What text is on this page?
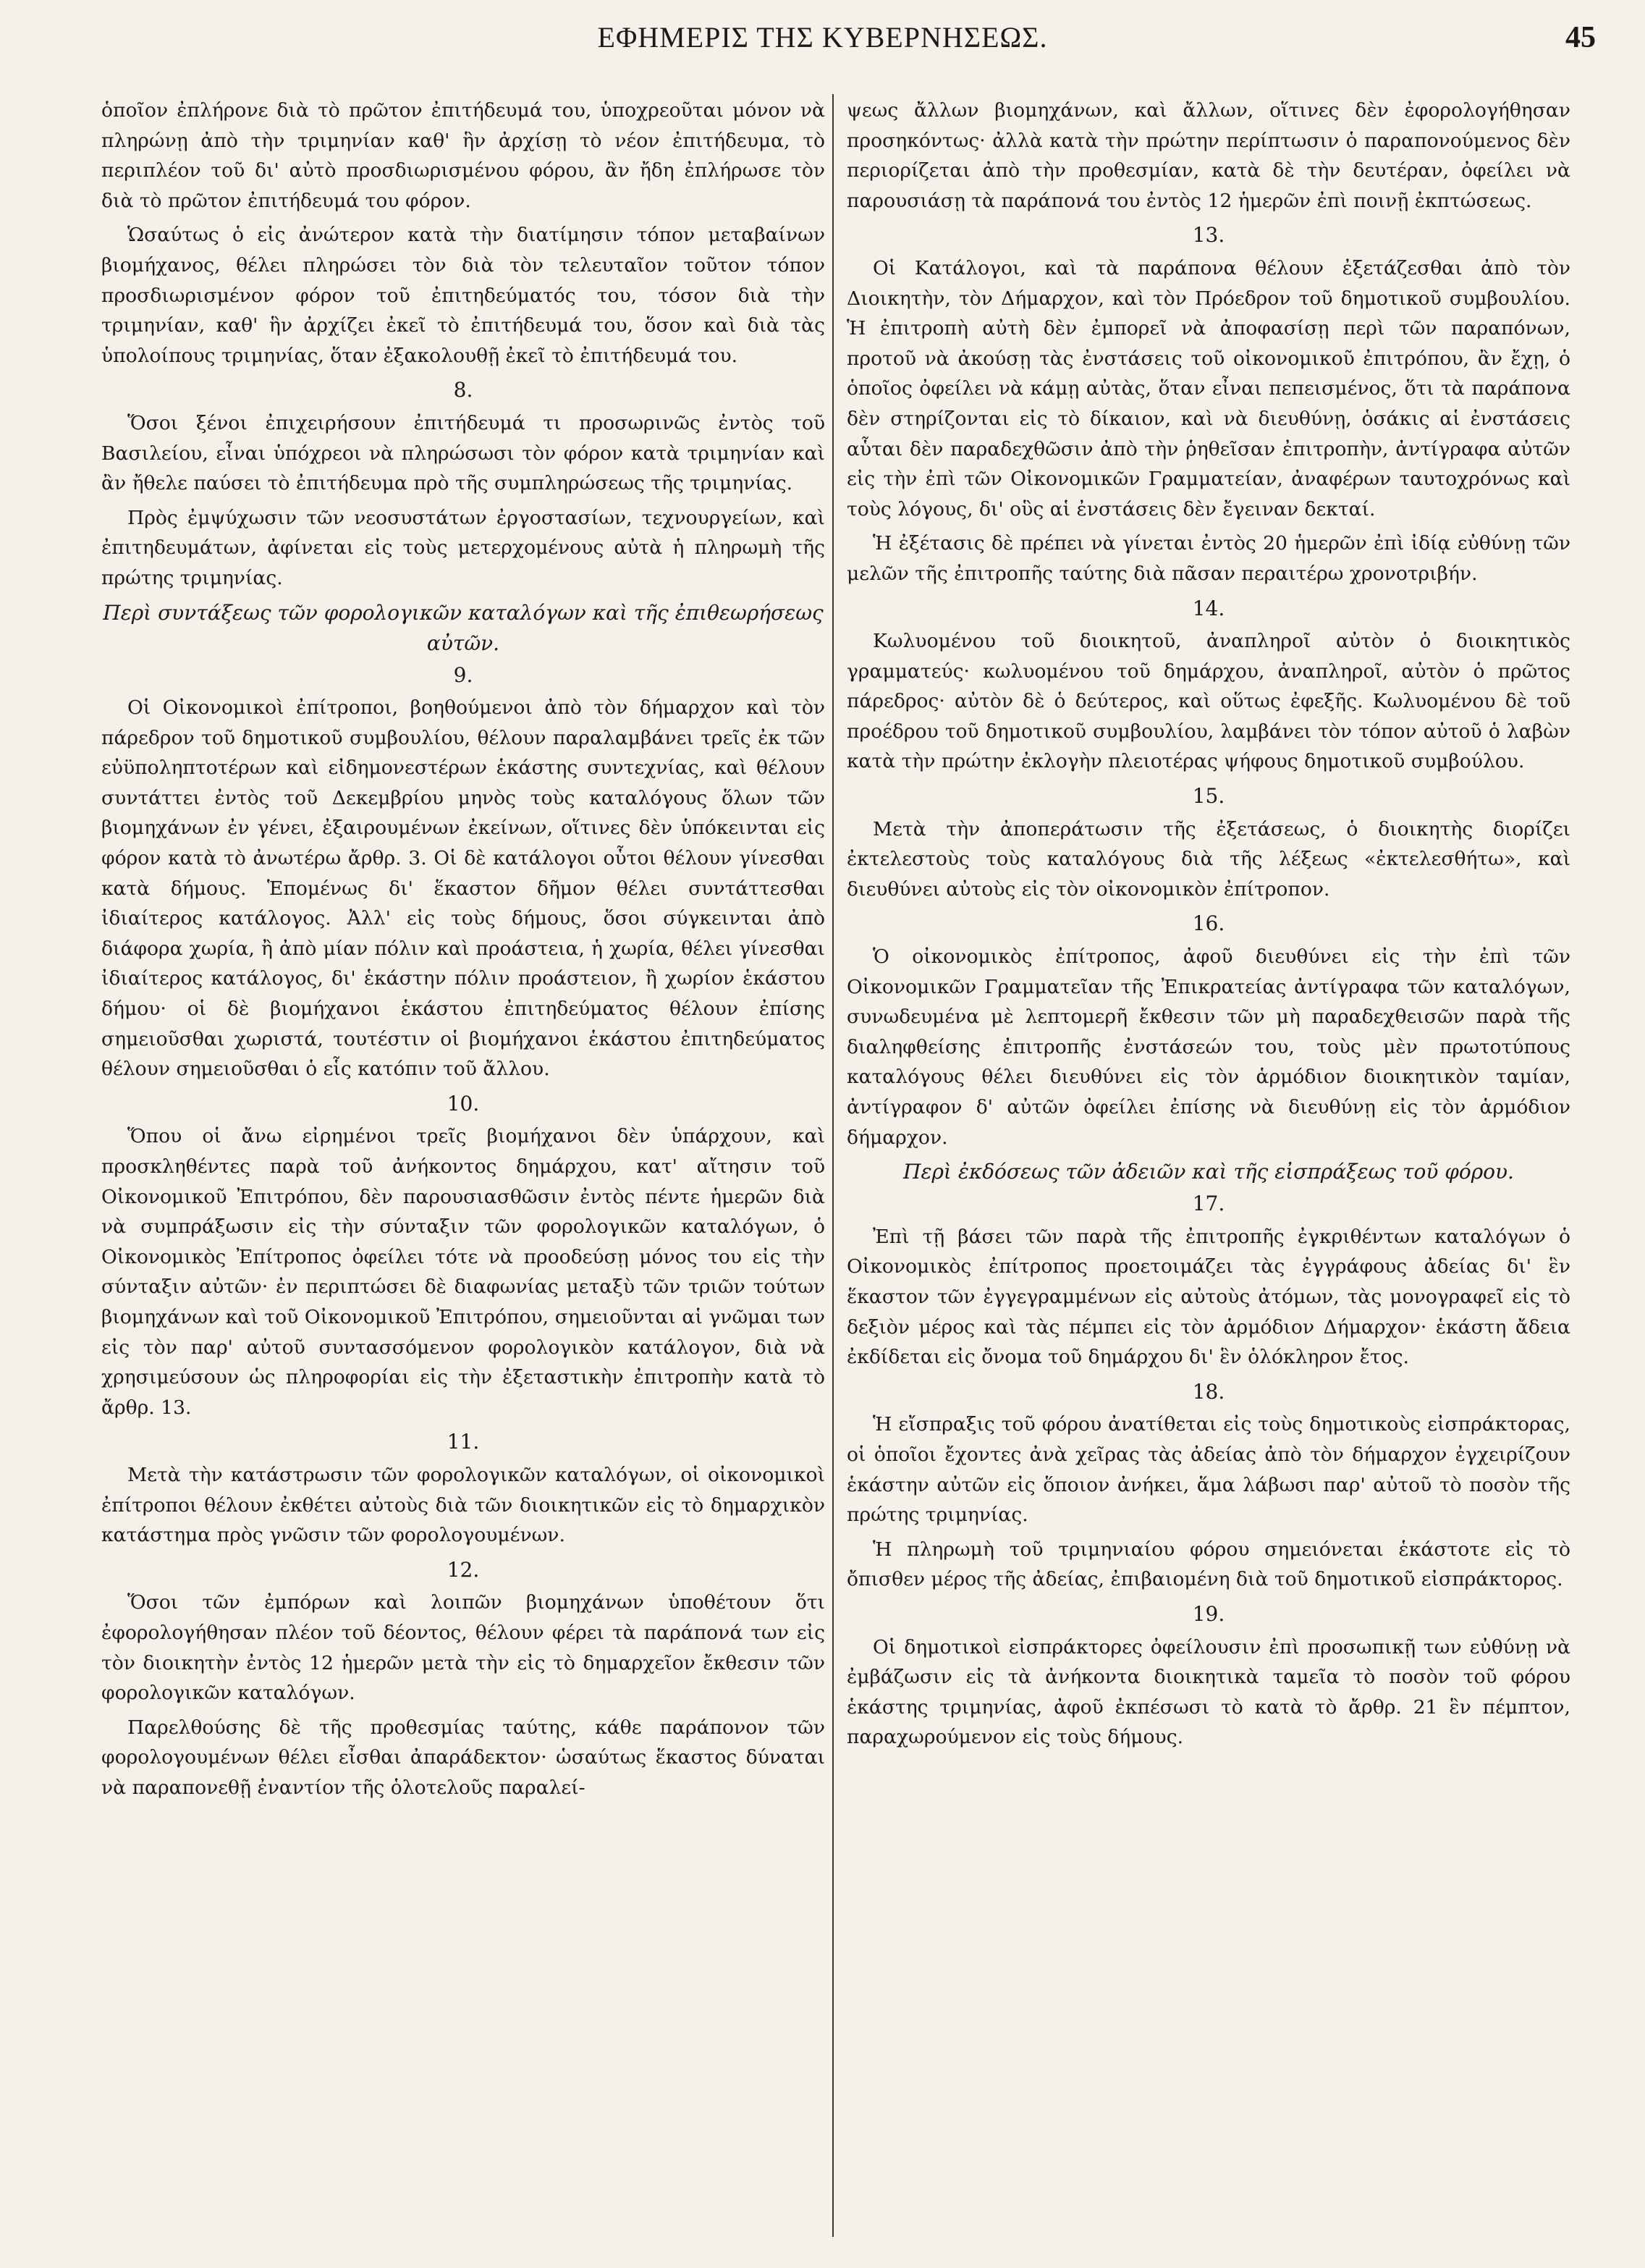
ΕΦΗΜΕΡΙΣ ΤΗΣ ΚΥΒΕΡΝΗΣΕΩΣ.	45

ὁποῖον ἐπλήρονε διὰ τὸ πρῶτον ἐπιτήδευμά του, ὑποχρεοῦται μόνον νὰ πληρώνῃ ἀπὸ τὴν τριμηνίαν καθ' ἣν ἀρχίσῃ τὸ νέον ἐπιτήδευμα, τὸ περιπλέον τοῦ δι' αὐτὸ προσδιωρισμένου φόρου, ἂν ἤδη ἐπλήρωσε τὸν διὰ τὸ πρῶτον ἐπιτήδευμά του φόρον.

Ὡσαύτως ὁ εἰς ἀνώτερον κατὰ τὴν διατίμησιν τόπον μεταβαίνων βιομήχανος, θέλει πληρώσει τὸν διὰ τὸν τελευταῖον τοῦτον τόπον προσδιωρισμένον φόρον τοῦ ἐπιτηδεύματός του, τόσον διὰ τὴν τριμηνίαν, καθ' ἣν ἀρχίζει ἐκεῖ τὸ ἐπιτήδευμά του, ὅσον καὶ διὰ τὰς ὑπολοίπους τριμηνίας, ὅταν ἐξακολουθῇ ἐκεῖ τὸ ἐπιτήδευμά του.

8.

Ὅσοι ξένοι ἐπιχειρήσουν ἐπιτήδευμά τι προσωρινῶς ἐντὸς τοῦ Βασιλείου, εἶναι ὑπόχρεοι νὰ πληρώσωσι τὸν φόρον κατὰ τριμηνίαν καὶ ἂν ἤθελε παύσει τὸ ἐπιτήδευμα πρὸ τῆς συμπληρώσεως τῆς τριμηνίας.

Πρὸς ἐμψύχωσιν τῶν νεοσυστάτων ἐργοστασίων, τεχνουργείων, καὶ ἐπιτηδευμάτων, ἀφίνεται εἰς τοὺς μετερχομένους αὐτὰ ἡ πληρωμὴ τῆς πρώτης τριμηνίας.

Περὶ συντάξεως τῶν φορολογικῶν καταλόγων καὶ τῆς ἐπιθεωρήσεως αὐτῶν.
9.

Οἱ Οἰκονομικοὶ ἐπίτροποι, βοηθούμενοι ἀπὸ τὸν δήμαρχον καὶ τὸν πάρεδρον τοῦ δημοτικοῦ συμβουλίου, θέλουν παραλαμβάνει τρεῖς ἐκ τῶν εὐϋποληπτοτέρων καὶ εἰδημονεστέρων ἑκάστης συντεχνίας, καὶ θέλουν συντάττει ἐντὸς τοῦ Δεκεμβρίου μηνὸς τοὺς καταλόγους ὅλων τῶν βιομηχάνων ἐν γένει, ἐξαιρουμένων ἐκείνων, οἵτινες δὲν ὑπόκεινται εἰς φόρον κατὰ τὸ ἀνωτέρω ἄρθρ. 3. Οἱ δὲ κατάλογοι οὗτοι θέλουν γίνεσθαι κατὰ δήμους. Ἑπομένως δι' ἕκαστον δῆμον θέλει συντάττεσθαι ἰδιαίτερος κατάλογος. Ἀλλ' εἰς τοὺς δήμους, ὅσοι σύγκεινται ἀπὸ διάφορα χωρία, ἢ ἀπὸ μίαν πόλιν καὶ προάστεια, ἡ χωρία, θέλει γίνεσθαι ἰδιαίτερος κατάλογος, δι' ἑκάστην πόλιν προάστειον, ἢ χωρίον ἑκάστου δήμου· οἱ δὲ βιομήχανοι ἑκάστου ἐπιτηδεύματος θέλουν ἐπίσης σημειοῦσθαι χωριστά, τουτέστιν οἱ βιομήχανοι ἑκάστου ἐπιτηδεύματος θέλουν σημειοῦσθαι ὁ εἷς κατόπιν τοῦ ἄλλου.

10.

Ὅπου οἱ ἄνω εἰρημένοι τρεῖς βιομήχανοι δὲν ὑπάρχουν, καὶ προσκληθέντες παρὰ τοῦ ἀνήκοντος δημάρχου, κατ' αἴτησιν τοῦ Οἰκονομικοῦ Ἐπιτρόπου, δὲν παρουσιασθῶσιν ἐντὸς πέντε ἡμερῶν διὰ νὰ συμπράξωσιν εἰς τὴν σύνταξιν τῶν φορολογικῶν καταλόγων, ὁ Οἰκονομικὸς Ἐπίτροπος ὀφείλει τότε νὰ προοδεύσῃ μόνος του εἰς τὴν σύνταξιν αὐτῶν· ἐν περιπτώσει δὲ διαφωνίας μεταξὺ τῶν τριῶν τούτων βιομηχάνων καὶ τοῦ Οἰκονομικοῦ Ἐπιτρόπου, σημειοῦνται αἱ γνῶμαι των εἰς τὸν παρ' αὐτοῦ συντασσόμενον φορολογικὸν κατάλογον, διὰ νὰ χρησιμεύσουν ὡς πληροφορίαι εἰς τὴν ἐξεταστικὴν ἐπιτροπὴν κατὰ τὸ ἄρθρ. 13.

11.

Μετὰ τὴν κατάστρωσιν τῶν φορολογικῶν καταλόγων, οἱ οἰκονομικοὶ ἐπίτροποι θέλουν ἐκθέτει αὐτοὺς διὰ τῶν διοικητικῶν εἰς τὸ δημαρχικὸν κατάστημα πρὸς γνῶσιν τῶν φορολογουμένων.

12.

Ὅσοι τῶν ἐμπόρων καὶ λοιπῶν βιομηχάνων ὑποθέτουν ὅτι ἐφορολογήθησαν πλέον τοῦ δέοντος, θέλουν φέρει τὰ παράπονά των εἰς τὸν διοικητὴν ἐντὸς 12 ἡμερῶν μετὰ τὴν εἰς τὸ δημαρχεῖον ἔκθεσιν τῶν φορολογικῶν καταλόγων.

Παρελθούσης δὲ τῆς προθεσμίας ταύτης, κάθε παράπονον τῶν φορολογουμένων θέλει εἶσθαι ἀπαράδεκτον· ὡσαύτως ἕκαστος δύναται νὰ παραπονεθῇ ἐναντίον τῆς ὁλοτελοῦς παραλεί-

ψεως ἄλλων βιομηχάνων, καὶ ἄλλων, οἵτινες δὲν ἐφορολογήθησαν προσηκόντως· ἀλλὰ κατὰ τὴν πρώτην περίπτωσιν ὁ παραπονούμενος δὲν περιορίζεται ἀπὸ τὴν προθεσμίαν, κατὰ δὲ τὴν δευτέραν, ὀφείλει νὰ παρουσιάσῃ τὰ παράπονά του ἐντὸς 12 ἡμερῶν ἐπὶ ποινῇ ἐκπτώσεως.

13.

Οἱ Κατάλογοι, καὶ τὰ παράπονα θέλουν ἐξετάζεσθαι ἀπὸ τὸν Διοικητὴν, τὸν Δήμαρχον, καὶ τὸν Πρόεδρον τοῦ δημοτικοῦ συμβουλίου. Ἡ ἐπιτροπὴ αὐτὴ δὲν ἐμπορεῖ νὰ ἀποφασίσῃ περὶ τῶν παραπόνων, προτοῦ νὰ ἀκούσῃ τὰς ἐνστάσεις τοῦ οἰκονομικοῦ ἐπιτρόπου, ἂν ἔχῃ, ὁ ὁποῖος ὀφείλει νὰ κάμῃ αὐτὰς, ὅταν εἶναι πεπεισμένος, ὅτι τὰ παράπονα δὲν στηρίζονται εἰς τὸ δίκαιον, καὶ νὰ διευθύνῃ, ὁσάκις αἱ ἐνστάσεις αὗται δὲν παραδεχθῶσιν ἀπὸ τὴν ῥηθεῖσαν ἐπιτροπὴν, ἀντίγραφα αὐτῶν εἰς τὴν ἐπὶ τῶν Οἰκονομικῶν Γραμματείαν, ἀναφέρων ταυτοχρόνως καὶ τοὺς λόγους, δι' οὓς αἱ ἐνστάσεις δὲν ἔγειναν δεκταί.

Ἡ ἐξέτασις δὲ πρέπει νὰ γίνεται ἐντὸς 20 ἡμερῶν ἐπὶ ἰδίᾳ εὐθύνῃ τῶν μελῶν τῆς ἐπιτροπῆς ταύτης διὰ πᾶσαν περαιτέρω χρονοτριβήν.

14.

Κωλυομένου τοῦ διοικητοῦ, ἀναπληροῖ αὐτὸν ὁ διοικητικὸς γραμματεύς· κωλυομένου τοῦ δημάρχου, ἀναπληροῖ, αὐτὸν ὁ πρῶτος πάρεδρος· αὐτὸν δὲ ὁ δεύτερος, καὶ οὕτως ἐφεξῆς. Κωλυομένου δὲ τοῦ προέδρου τοῦ δημοτικοῦ συμβουλίου, λαμβάνει τὸν τόπον αὐτοῦ ὁ λαβὼν κατὰ τὴν πρώτην ἐκλογὴν πλειοτέρας ψήφους δημοτικοῦ συμβούλου.

15.

Μετὰ τὴν ἀποπεράτωσιν τῆς ἐξετάσεως, ὁ διοικητὴς διορίζει ἐκτελεστοὺς τοὺς καταλόγους διὰ τῆς λέξεως «ἐκτελεσθήτω», καὶ διευθύνει αὐτοὺς εἰς τὸν οἰκονομικὸν ἐπίτροπον.

16.

Ὁ οἰκονομικὸς ἐπίτροπος, ἀφοῦ διευθύνει εἰς τὴν ἐπὶ τῶν Οἰκονομικῶν Γραμματεῖαν τῆς Ἐπικρατείας ἀντίγραφα τῶν καταλόγων, συνωδευμένα μὲ λεπτομερῆ ἔκθεσιν τῶν μὴ παραδεχθεισῶν παρὰ τῆς διαληφθείσης ἐπιτροπῆς ἐνστάσεών του, τοὺς μὲν πρωτοτύπους καταλόγους θέλει διευθύνει εἰς τὸν ἁρμόδιον διοικητικὸν ταμίαν, ἀντίγραφον δ' αὐτῶν ὀφείλει ἐπίσης νὰ διευθύνῃ εἰς τὸν ἁρμόδιον δήμαρχον.

Περὶ ἐκδόσεως τῶν ἀδειῶν καὶ τῆς εἰσπράξεως τοῦ φόρου.
17.

Ἐπὶ τῇ βάσει τῶν παρὰ τῆς ἐπιτροπῆς ἐγκριθέντων καταλόγων ὁ Οἰκονομικὸς ἐπίτροπος προετοιμάζει τὰς ἐγγράφους ἀδείας δι' ἓν ἕκαστον τῶν ἐγγεγραμμένων εἰς αὐτοὺς ἀτόμων, τὰς μονογραφεῖ εἰς τὸ δεξιὸν μέρος καὶ τὰς πέμπει εἰς τὸν ἁρμόδιον Δήμαρχον· ἑκάστη ἄδεια ἐκδίδεται εἰς ὄνομα τοῦ δημάρχου δι' ἓν ὁλόκληρον ἔτος.

18.

Ἡ εἴσπραξις τοῦ φόρου ἀνατίθεται εἰς τοὺς δημοτικοὺς εἰσπράκτορας, οἱ ὁποῖοι ἔχοντες ἀνὰ χεῖρας τὰς ἀδείας ἀπὸ τὸν δήμαρχον ἐγχειρίζουν ἑκάστην αὐτῶν εἰς ὅποιον ἀνήκει, ἅμα λάβωσι παρ' αὐτοῦ τὸ ποσὸν τῆς πρώτης τριμηνίας.

Ἡ πληρωμὴ τοῦ τριμηνιαίου φόρου σημειόνεται ἑκάστοτε εἰς τὸ ὄπισθεν μέρος τῆς ἀδείας, ἐπιβαιομένη διὰ τοῦ δημοτικοῦ εἰσπράκτορος.

19.

Οἱ δημοτικοὶ εἰσπράκτορες ὀφείλουσιν ἐπὶ προσωπικῇ των εὐθύνῃ νὰ ἐμβάζωσιν εἰς τὰ ἀνήκοντα διοικητικὰ ταμεῖα τὸ ποσὸν τοῦ φόρου ἑκάστης τριμηνίας, ἀφοῦ ἐκπέσωσι τὸ κατὰ τὸ ἄρθρ. 21 ἓν πέμπτον, παραχωρούμενον εἰς τοὺς δήμους.
